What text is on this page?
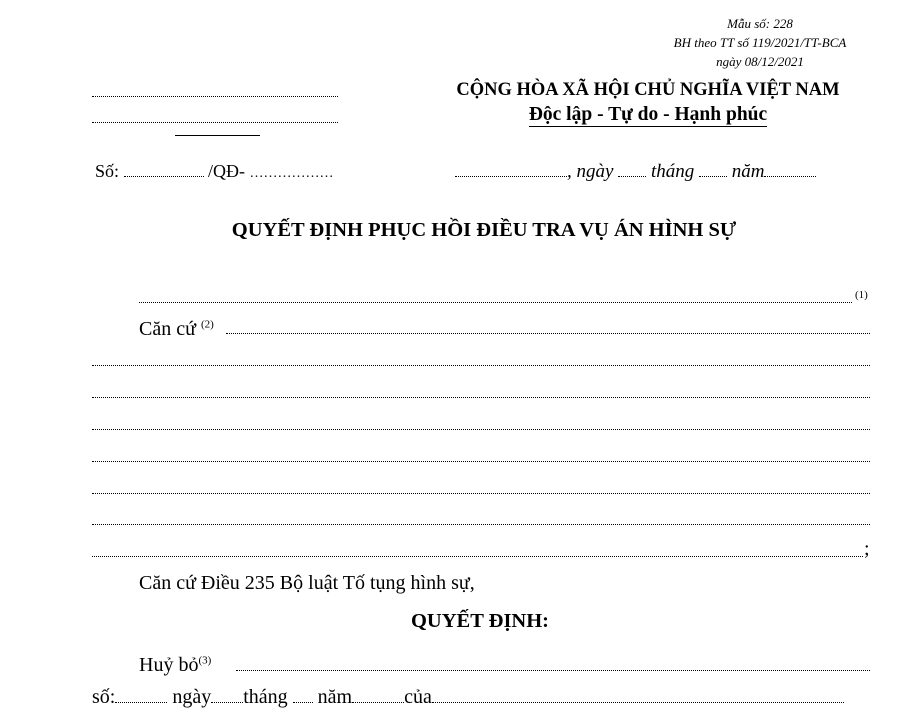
Mẫu số: 228
BH theo TT số 119/2021/TT-BCA
ngày 08/12/2021
CỘNG HÒA XÃ HỘI CHỦ NGHĨA VIỆT NAM
Độc lập - Tự do - Hạnh phúc
Số:	/QĐ- ………………	, ngày tháng năm
QUYẾT ĐỊNH PHỤC HỒI ĐIỀU TRA VỤ ÁN HÌNH SỰ
(1)
Căn cứ $^{(2)}$
;
Căn cứ Điều 235 Bộ luật Tố tụng hình sự,
QUYẾT ĐỊNH:
Huỷ bỏ$^{(3)}$
số:	ngày tháng năm	của
